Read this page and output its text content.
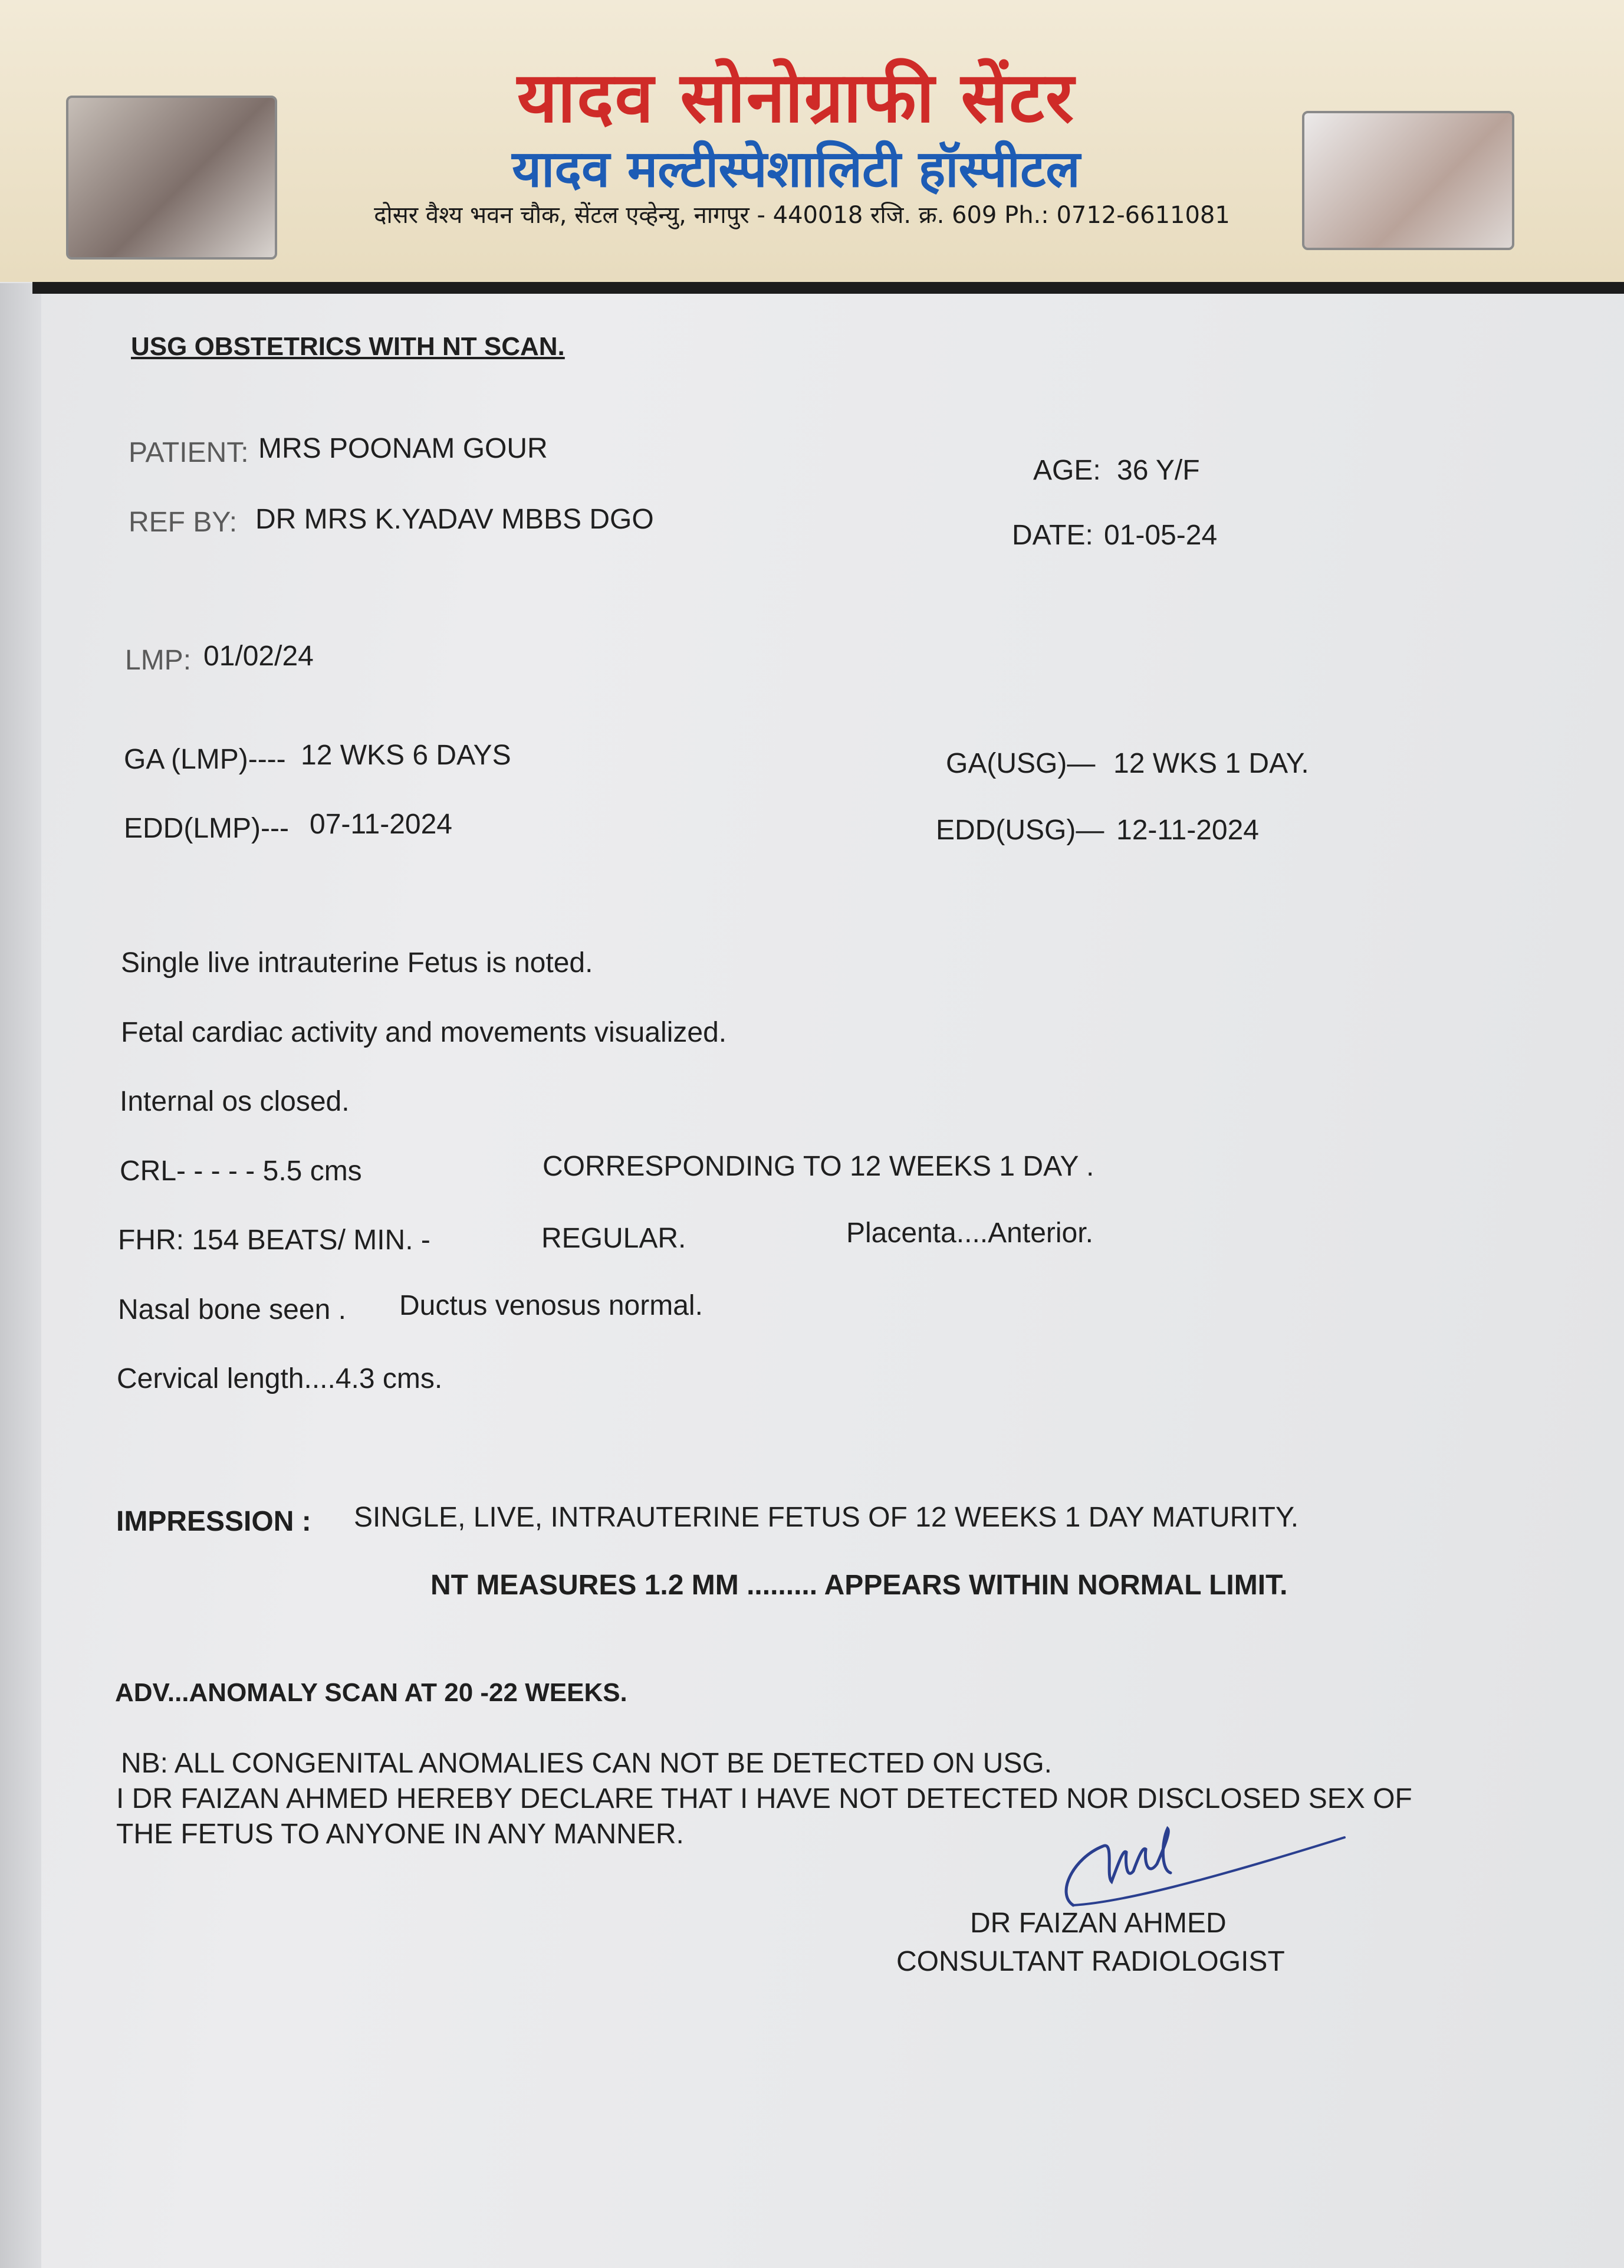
यादव सोनोग्राफी सेंटर
यादव मल्टीस्पेशालिटी हॉस्पीटल
दोसर वैश्य भवन चौक, सेंटल एव्हेन्यु, नागपुर - 440018 रजि. क्र. 609 Ph.: 0712-6611081
USG OBSTETRICS WITH NT SCAN.
PATIENT: MRS POONAM GOUR
AGE: 36 Y/F
REF BY: DR MRS K.YADAV MBBS DGO
DATE: 01-05-24
LMP: 01/02/24
GA (LMP)---- 12 WKS 6 DAYS	GA(USG)— 12 WKS 1 DAY.
EDD(LMP)--- 07-11-2024	EDD(USG)— 12-11-2024
Single live intrauterine Fetus is noted.
Fetal cardiac activity and movements visualized.
Internal os closed.
CRL- - - - - 5.5 cms	CORRESPONDING TO 12 WEEKS 1 DAY .
FHR: 154 BEATS/ MIN. -	REGULAR.	Placenta....Anterior.
Nasal bone seen . Ductus venosus normal.
Cervical length....4.3 cms.
IMPRESSION : SINGLE, LIVE, INTRAUTERINE FETUS OF 12 WEEKS 1 DAY MATURITY.
NT MEASURES 1.2 MM ......... APPEARS WITHIN NORMAL LIMIT.
ADV...ANOMALY SCAN AT 20 -22 WEEKS.
NB: ALL CONGENITAL ANOMALIES CAN NOT BE DETECTED ON USG.
I DR FAIZAN AHMED HEREBY DECLARE THAT I HAVE NOT DETECTED NOR DISCLOSED SEX OF
THE FETUS TO ANYONE IN ANY MANNER.
DR FAIZAN AHMED
CONSULTANT RADIOLOGIST
